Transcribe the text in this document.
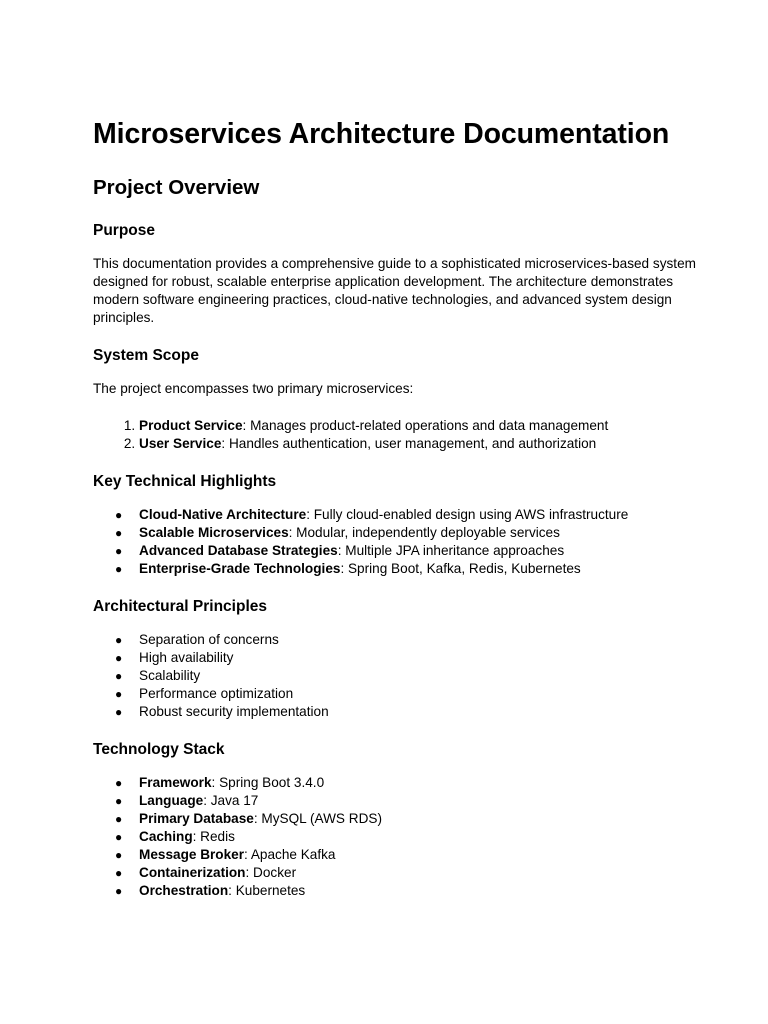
Microservices Architecture Documentation
Project Overview
Purpose

This documentation provides a comprehensive guide to a sophisticated microservices-based system designed for robust, scalable enterprise application development. The architecture demonstrates modern software engineering practices, cloud-native technologies, and advanced system design principles.

System Scope

The project encompasses two primary microservices:

1. Product Service: Manages product-related operations and data management
2. User Service: Handles authentication, user management, and authorization
Key Technical Highlights
● Cloud-Native Architecture: Fully cloud-enabled design using AWS infrastructure
● Scalable Microservices: Modular, independently deployable services
● Advanced Database Strategies: Multiple JPA inheritance approaches
● Enterprise-Grade Technologies: Spring Boot, Kafka, Redis, Kubernetes
Architectural Principles
● Separation of concerns
● High availability
● Scalability
● Performance optimization
● Robust security implementation
Technology Stack
● Framework: Spring Boot 3.4.0
● Language: Java 17
● Primary Database: MySQL (AWS RDS)
● Caching: Redis
● Message Broker: Apache Kafka
● Containerization: Docker
● Orchestration: Kubernetes
